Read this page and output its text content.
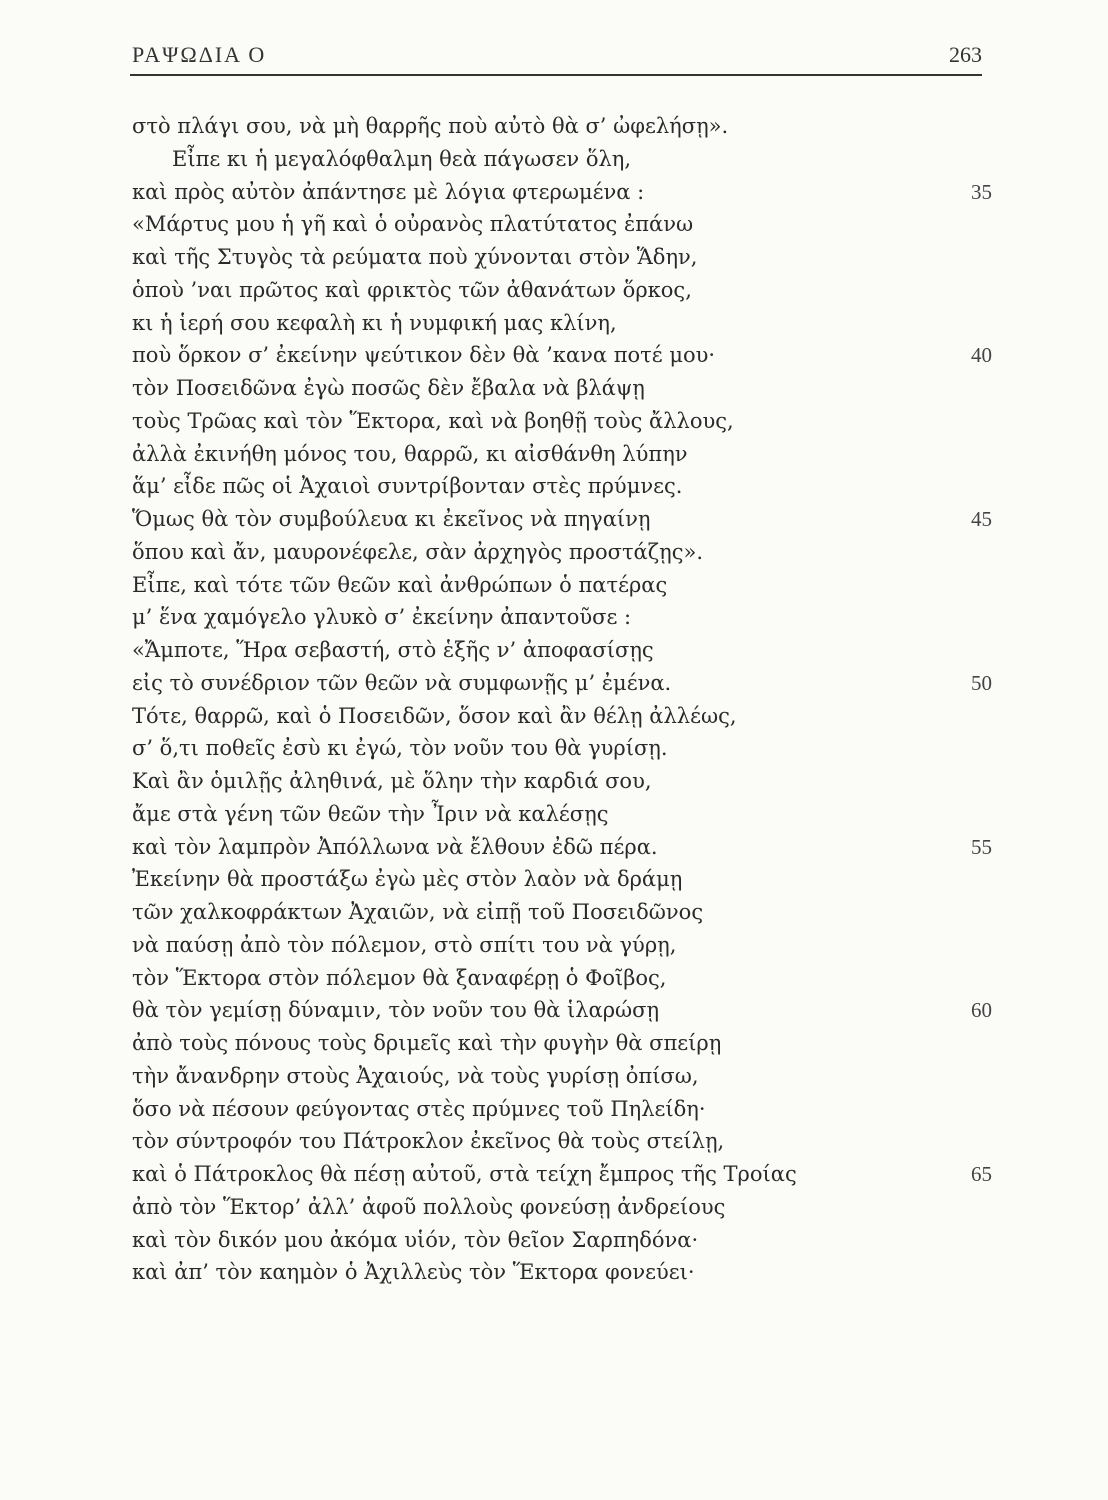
ΡΑΨΩΔΙΑ Ο	263
στὸ πλάγι σου, νὰ μὴ θαρρῆς ποὺ αὐτὸ θὰ σ’ ὠφελήσῃ».
Εἶπε κι ἡ μεγαλόφθαλμη θεὰ πάγωσεν ὅλη,
καὶ πρὸς αὐτὸν ἀπάντησε μὲ λόγια φτερωμένα :	35
«Μάρτυς μου ἡ γῆ καὶ ὁ οὐρανὸς πλατύτατος ἐπάνω
καὶ τῆς Στυγὸς τὰ ρεύματα ποὺ χύνονται στὸν Ἅδην,
ὁποὺ ’ναι πρῶτος καὶ φρικτὸς τῶν ἀθανάτων ὅρκος,
κι ἡ ἱερή σου κεφαλὴ κι ἡ νυμφική μας κλίνη,
ποὺ ὅρκον σ’ ἐκείνην ψεύτικον δὲν θὰ ’κανα ποτέ μου·	40
τὸν Ποσειδῶνα ἐγὼ ποσῶς δὲν ἔβαλα νὰ βλάψῃ
τοὺς Τρῶας καὶ τὸν Ἕκτορα, καὶ νὰ βοηθῇ τοὺς ἄλλους,
ἀλλὰ ἐκινήθη μόνος του, θαρρῶ, κι αἰσθάνθη λύπην
ἅμ’ εἶδε πῶς οἱ Ἀχαιοὶ συντρίβονταν στὲς πρύμνες.
Ὅμως θὰ τὸν συμβούλευα κι ἐκεῖνος νὰ πηγαίνῃ	45
ὅπου καὶ ἄν, μαυρονέφελε, σὰν ἀρχηγὸς προστάζῃς».
Εἶπε, καὶ τότε τῶν θεῶν καὶ ἀνθρώπων ὁ πατέρας
μ’ ἕνα χαμόγελο γλυκὸ σ’ ἐκείνην ἀπαντοῦσε :
«Ἄμποτε, Ἥρα σεβαστή, στὸ ἑξῆς ν’ ἀποφασίσῃς
εἰς τὸ συνέδριον τῶν θεῶν νὰ συμφωνῇς μ’ ἐμένα.	50
Τότε, θαρρῶ, καὶ ὁ Ποσειδῶν, ὅσον καὶ ἂν θέλῃ ἀλλέως,
σ’ ὅ,τι ποθεῖς ἐσὺ κι ἐγώ, τὸν νοῦν του θὰ γυρίσῃ.
Καὶ ἂν ὁμιλῇς ἀληθινά, μὲ ὅλην τὴν καρδιά σου,
ἄμε στὰ γένη τῶν θεῶν τὴν Ἶριν νὰ καλέσῃς
καὶ τὸν λαμπρὸν Ἀπόλλωνα νὰ ἔλθουν ἐδῶ πέρα.	55
Ἐκείνην θὰ προστάξω ἐγὼ μὲς στὸν λαὸν νὰ δράμῃ
τῶν χαλκοφράκτων Ἀχαιῶν, νὰ εἰπῇ τοῦ Ποσειδῶνος
νὰ παύσῃ ἀπὸ τὸν πόλεμον, στὸ σπίτι του νὰ γύρῃ,
τὸν Ἕκτορα στὸν πόλεμον θὰ ξαναφέρῃ ὁ Φοῖβος,
θὰ τὸν γεμίσῃ δύναμιν, τὸν νοῦν του θὰ ἱλαρώσῃ	60
ἀπὸ τοὺς πόνους τοὺς δριμεῖς καὶ τὴν φυγὴν θὰ σπείρῃ
τὴν ἄνανδρην στοὺς Ἀχαιούς, νὰ τοὺς γυρίσῃ ὀπίσω,
ὅσο νὰ πέσουν φεύγοντας στὲς πρύμνες τοῦ Πηλείδη·
τὸν σύντροφόν του Πάτροκλον ἐκεῖνος θὰ τοὺς στείλῃ,
καὶ ὁ Πάτροκλος θὰ πέσῃ αὐτοῦ, στὰ τείχη ἔμπρος τῆς Τροίας	65
ἀπὸ τὸν Ἕκτορ’ ἀλλ’ ἀφοῦ πολλοὺς φονεύσῃ ἀνδρείους
καὶ τὸν δικόν μου ἀκόμα υἱόν, τὸν θεῖον Σαρπηδόνα·
καὶ ἀπ’ τὸν καημὸν ὁ Ἀχιλλεὺς τὸν Ἕκτορα φονεύει·
